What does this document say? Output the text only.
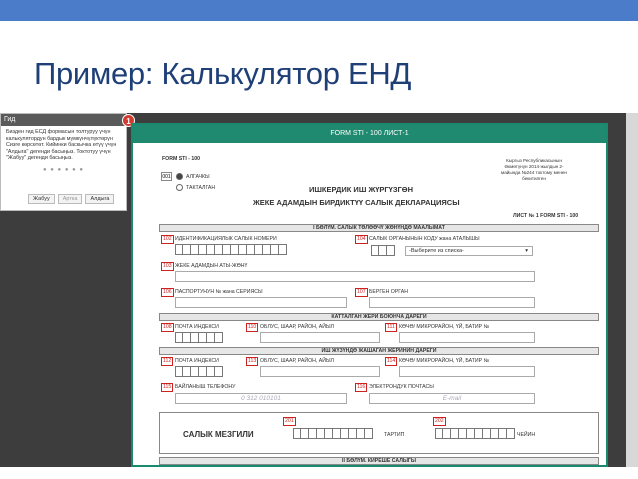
Пример: Калькулятор ЕНД
Гид
Бизден гид ЕСД формасын толтуруу үчүн калькулятордун бардык мүмкүнчүлүктөрүн Сизге көрсөтөт. Кийинки баскычка өтүү үчүн "Алдыга" дегенди басыңыз. Токтотуу үчүн "Жабуу" дегенди басыңыз.
● ● ● ● ● ●
Жабуу	Артка	Алдыга
1
FORM STI - 100 ЛИСТ-1
FORM STI - 100
001	АЛГАЧКЫ
ТАКТАЛГАН
Кыргыз Республикасынын Өкмөтүнүн 2014-жылдын 2-майында №244 токтому менен бекитилген
ИШКЕРДИК ИШ ЖҮРГҮЗГӨН
ЖЕКЕ АДАМДЫН БИРДИКТҮҮ САЛЫК ДЕКЛАРАЦИЯСЫ
ЛИСТ № 1 FORM STI - 100
I БӨЛҮМ. САЛЫК ТӨЛӨӨЧҮ ЖӨНҮНДӨ МААЛЫМАТ
102 ИДЕНТИФИКАЦИЯЛЫК САЛЫК НОМЕРИ	104 САЛЫК ОРГАНЫНЫН КОДУ жана АТАЛЫШЫ
-Выберите из списка-	▾
103 ЖЕКЕ АДАМДЫН АТЫ-ЖӨНҮ
106 ПАСПОРТУНУН № жана СЕРИЯСЫ	107 БЕРГЕН ОРГАН
КАТТАЛГАН ЖЕРИ БОЮНЧА ДАРЕГИ
108 ПОЧТА ИНДЕКСИ	110 ОБЛУС, ШААР, РАЙОН, АЙЫЛ	111 КӨЧӨ/ МИКРОРАЙОН, ҮЙ, БАТИР №
ИШ ЖҮЗҮНДӨ ЖАШАГАН ЖЕРИНИН ДАРЕГИ
112 ПОЧТА ИНДЕКСИ	113 ОБЛУС, ШААР, РАЙОН, АЙЫЛ	114 КӨЧӨ/ МИКРОРАЙОН, ҮЙ, БАТИР №
115 БАЙЛАНЫШ ТЕЛЕФОНУ
0 312 010101
116 ЭЛЕКТРОНДУК ПОЧТАСЫ
E-mail
201	202
САЛЫК МЕЗГИЛИ	ТАРТИП	ЧЕЙИН
II БӨЛҮМ. КИРЕШЕ САЛЫГЫ
